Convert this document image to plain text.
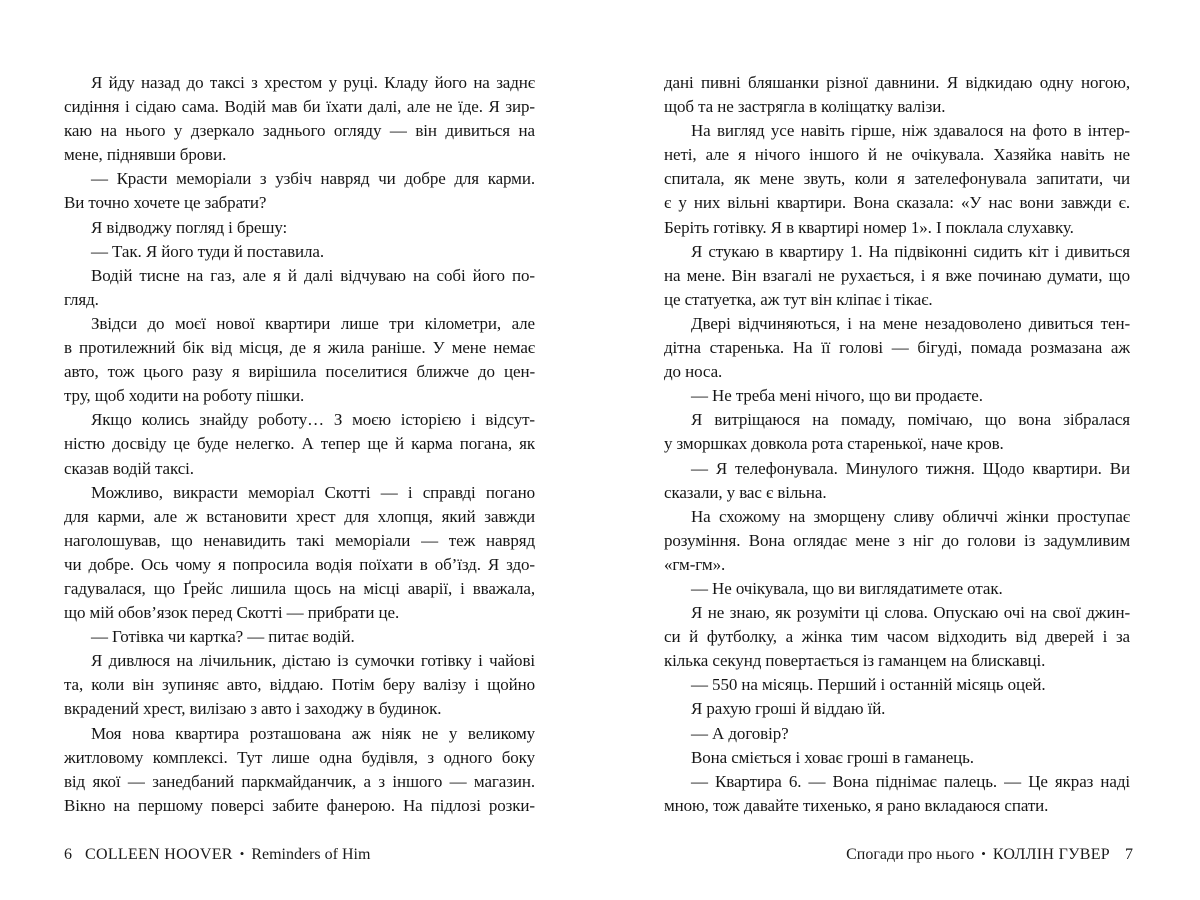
Я йду назад до таксі з хрестом у руці. Кладу його на заднє
сидіння і сідаю сама. Водій мав би їхати далі, але не їде. Я зир-
каю на нього у дзеркало заднього огляду — він дивиться на
мене, піднявши брови.
— Красти меморіали з узбіч навряд чи добре для карми.
Ви точно хочете це забрати?
Я відводжу погляд і брешу:
— Так. Я його туди й поставила.
Водій тисне на газ, але я й далі відчуваю на собі його по-
гляд.
Звідси до моєї нової квартири лише три кілометри, але
в протилежний бік від місця, де я жила раніше. У мене немає
авто, тож цього разу я вирішила поселитися ближче до цен-
тру, щоб ходити на роботу пішки.
Якщо колись знайду роботу… З моєю історією і відсут-
ністю досвіду це буде нелегко. А тепер ще й карма погана, як
сказав водій таксі.
Можливо, викрасти меморіал Скотті — і справді погано
для карми, але ж встановити хрест для хлопця, який завжди
наголошував, що ненавидить такі меморіали — теж навряд
чи добре. Ось чому я попросила водія поїхати в об’їзд. Я здо-
гадувалася, що Ґрейс лишила щось на місці аварії, і вважала,
що мій обов’язок перед Скотті — прибрати це.
— Готівка чи картка? — питає водій.
Я дивлюся на лічильник, дістаю із сумочки готівку і чайові
та, коли він зупиняє авто, віддаю. Потім беру валізу і щойно
вкрадений хрест, вилізаю з авто і заходжу в будинок.
Моя нова квартира розташована аж ніяк не у великому
житловому комплексі. Тут лише одна будівля, з одного боку
від якої — занедбаний паркмайданчик, а з іншого — магазин.
Вікно на першому поверсі забите фанерою. На підлозі розки-
6 COLLEEN HOOVER • Reminders of Him
дані пивні бляшанки різної давнини. Я відкидаю одну ногою,
щоб та не застрягла в коліщатку валізи.
На вигляд усе навіть гірше, ніж здавалося на фото в інтер-
неті, але я нічого іншого й не очікувала. Хазяйка навіть не
спитала, як мене звуть, коли я зателефонувала запитати, чи
є у них вільні квартири. Вона сказала: «У нас вони завжди є.
Беріть готівку. Я в квартирі номер 1». І поклала слухавку.
Я стукаю в квартиру 1. На підвіконні сидить кіт і дивиться
на мене. Він взагалі не рухається, і я вже починаю думати, що
це статуетка, аж тут він кліпає і тікає.
Двері відчиняються, і на мене незадоволено дивиться тен-
дітна старенька. На її голові — бігуді, помада розмазана аж
до носа.
— Не треба мені нічого, що ви продаєте.
Я витріщаюся на помаду, помічаю, що вона зібралася
у зморшках довкола рота старенької, наче кров.
— Я телефонувала. Минулого тижня. Щодо квартири. Ви
сказали, у вас є вільна.
На схожому на зморщену сливу обличчі жінки проступає
розуміння. Вона оглядає мене з ніг до голови із задумливим
«гм-гм».
— Не очікувала, що ви виглядатимете отак.
Я не знаю, як розуміти ці слова. Опускаю очі на свої джин-
си й футболку, а жінка тим часом відходить від дверей і за
кілька секунд повертається із гаманцем на блискавці.
— 550 на місяць. Перший і останній місяць оцей.
Я рахую гроші й віддаю їй.
— А договір?
Вона сміється і ховає гроші в гаманець.
— Квартира 6. — Вона піднімає палець. — Це якраз наді
мною, тож давайте тихенько, я рано вкладаюся спати.
Спогади про нього • КОЛЛІН ГУВЕР 7
